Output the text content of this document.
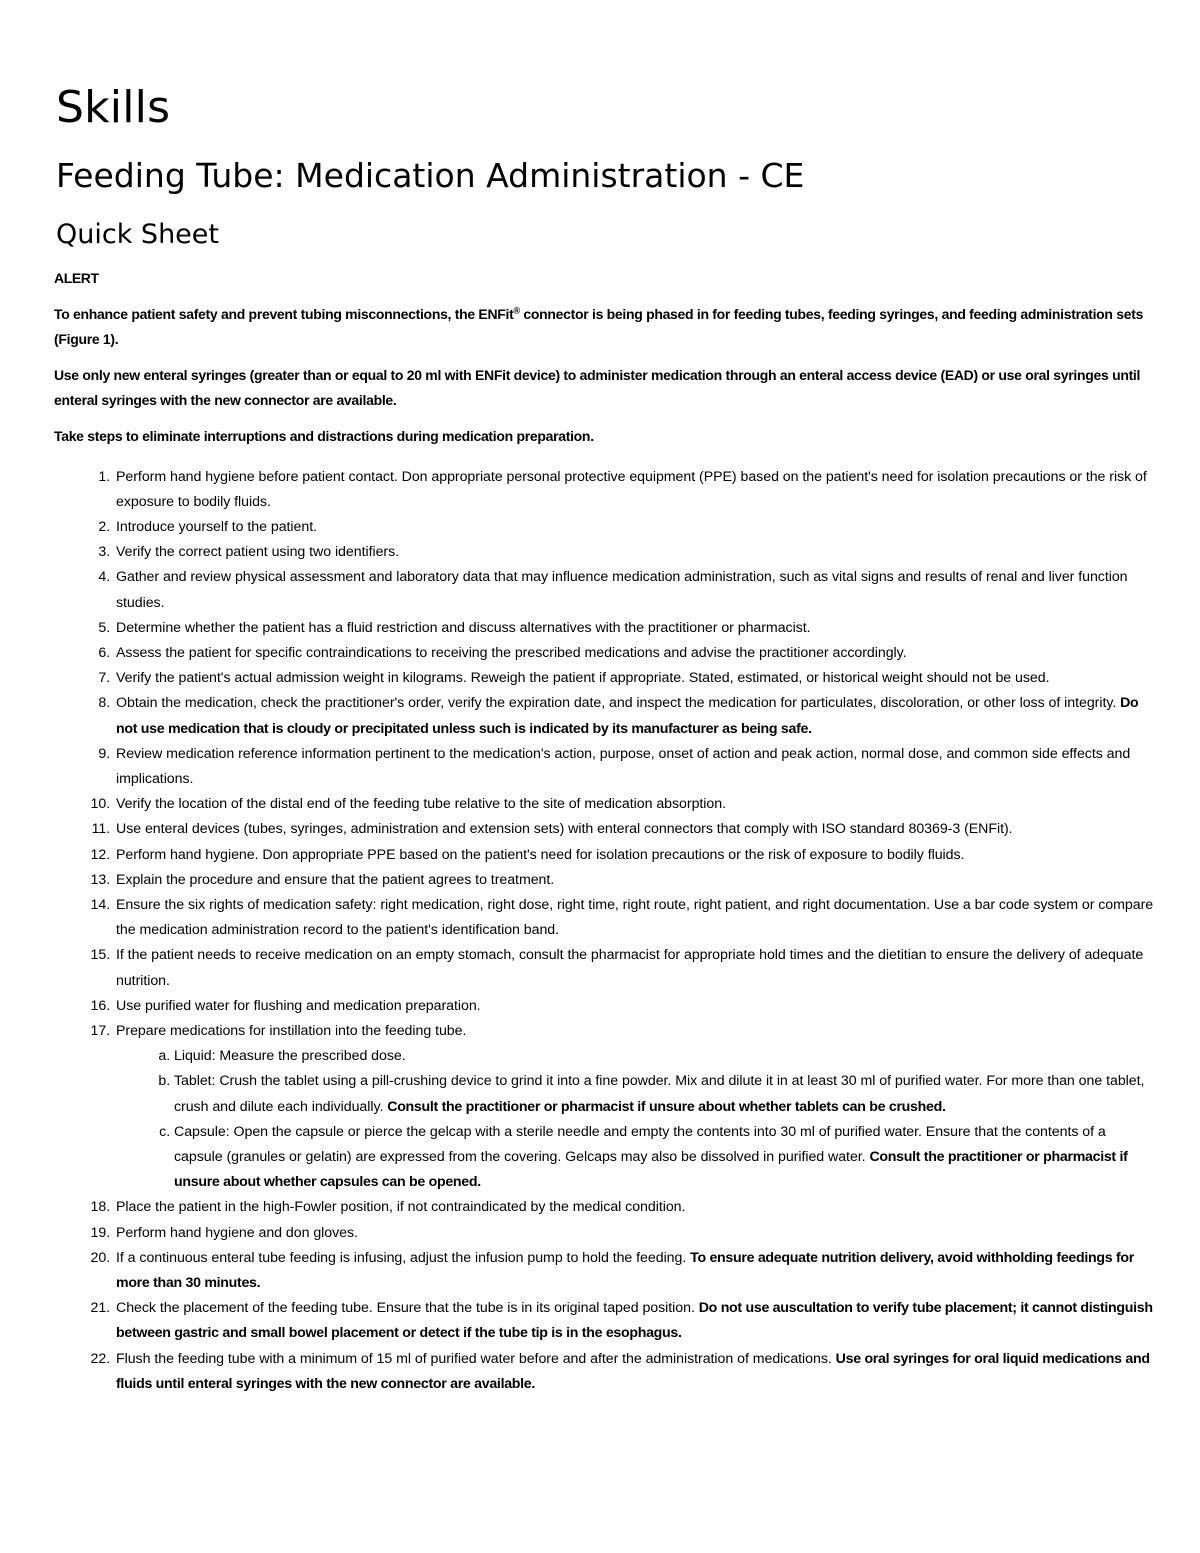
Skills
Feeding Tube: Medication Administration - CE
Quick Sheet
ALERT

To enhance patient safety and prevent tubing misconnections, the ENFit® connector is being phased in for feeding tubes, feeding syringes, and feeding administration sets (Figure 1).

Use only new enteral syringes (greater than or equal to 20 ml with ENFit device) to administer medication through an enteral access device (EAD) or use oral syringes until enteral syringes with the new connector are available.

Take steps to eliminate interruptions and distractions during medication preparation.

1. Perform hand hygiene before patient contact. Don appropriate personal protective equipment (PPE) based on the patient's need for isolation precautions or the risk of exposure to bodily fluids.
2. Introduce yourself to the patient.
3. Verify the correct patient using two identifiers.
4. Gather and review physical assessment and laboratory data that may influence medication administration, such as vital signs and results of renal and liver function studies.
5. Determine whether the patient has a fluid restriction and discuss alternatives with the practitioner or pharmacist.
6. Assess the patient for specific contraindications to receiving the prescribed medications and advise the practitioner accordingly.
7. Verify the patient's actual admission weight in kilograms. Reweigh the patient if appropriate. Stated, estimated, or historical weight should not be used.
8. Obtain the medication, check the practitioner's order, verify the expiration date, and inspect the medication for particulates, discoloration, or other loss of integrity. Do not use medication that is cloudy or precipitated unless such is indicated by its manufacturer as being safe.
9. Review medication reference information pertinent to the medication's action, purpose, onset of action and peak action, normal dose, and common side effects and implications.
10. Verify the location of the distal end of the feeding tube relative to the site of medication absorption.
11. Use enteral devices (tubes, syringes, administration and extension sets) with enteral connectors that comply with ISO standard 80369-3 (ENFit).
12. Perform hand hygiene. Don appropriate PPE based on the patient's need for isolation precautions or the risk of exposure to bodily fluids.
13. Explain the procedure and ensure that the patient agrees to treatment.
14. Ensure the six rights of medication safety: right medication, right dose, right time, right route, right patient, and right documentation. Use a bar code system or compare the medication administration record to the patient's identification band.
15. If the patient needs to receive medication on an empty stomach, consult the pharmacist for appropriate hold times and the dietitian to ensure the delivery of adequate nutrition.
16. Use purified water for flushing and medication preparation.
17. Prepare medications for instillation into the feeding tube.
a. Liquid: Measure the prescribed dose.
b. Tablet: Crush the tablet using a pill-crushing device to grind it into a fine powder. Mix and dilute it in at least 30 ml of purified water. For more than one tablet, crush and dilute each individually. Consult the practitioner or pharmacist if unsure about whether tablets can be crushed.
c. Capsule: Open the capsule or pierce the gelcap with a sterile needle and empty the contents into 30 ml of purified water. Ensure that the contents of a capsule (granules or gelatin) are expressed from the covering. Gelcaps may also be dissolved in purified water. Consult the practitioner or pharmacist if unsure about whether capsules can be opened.
18. Place the patient in the high-Fowler position, if not contraindicated by the medical condition.
19. Perform hand hygiene and don gloves.
20. If a continuous enteral tube feeding is infusing, adjust the infusion pump to hold the feeding. To ensure adequate nutrition delivery, avoid withholding feedings for more than 30 minutes.
21. Check the placement of the feeding tube. Ensure that the tube is in its original taped position. Do not use auscultation to verify tube placement; it cannot distinguish between gastric and small bowel placement or detect if the tube tip is in the esophagus.
22. Flush the feeding tube with a minimum of 15 ml of purified water before and after the administration of medications. Use oral syringes for oral liquid medications and fluids until enteral syringes with the new connector are available.
